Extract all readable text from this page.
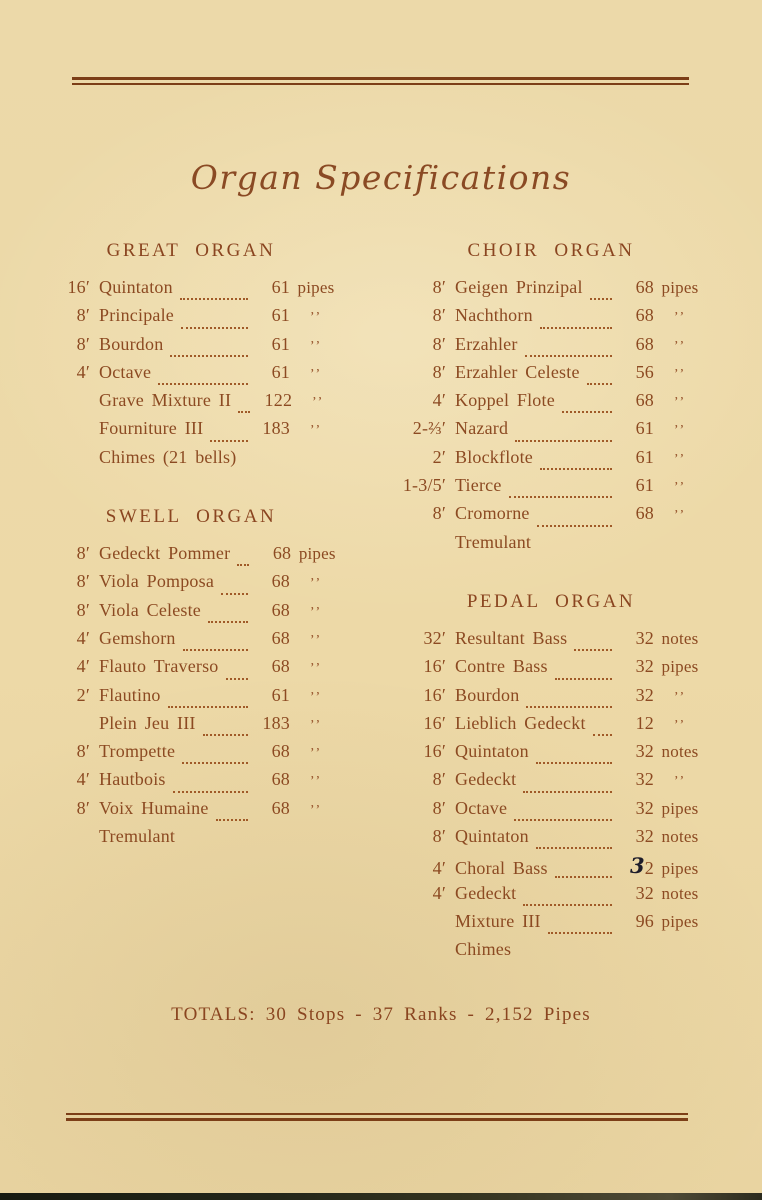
Organ Specifications
GREAT ORGAN
16′ Quintaton	61 pipes
8′ Principale	61	’’
8′ Bourdon	61	’’
4′ Octave	61	’’
Grave Mixture II	122	’’
Fourniture III	183	’’
Chimes (21 bells)
SWELL ORGAN
8′ Gedeckt Pommer	68 pipes
8′ Viola Pomposa	68	’’
8′ Viola Celeste	68	’’
4′ Gemshorn	68	’’
4′ Flauto Traverso	68	’’
2′ Flautino	61	’’
Plein Jeu III	183	’’
8′ Trompette	68	’’
4′ Hautbois	68	’’
8′ Voix Humaine	68	’’
Tremulant
CHOIR ORGAN
8′ Geigen Prinzipal	68 pipes
8′ Nachthorn	68	’’
8′ Erzahler	68	’’
8′ Erzahler Celeste	56	’’
4′ Koppel Flote	68	’’
2-⅔′ Nazard	61	’’
2′ Blockflote	61	’’
1-3/5′ Tierce	61	’’
8′ Cromorne	68	’’
Tremulant
PEDAL ORGAN
32′ Resultant Bass	32 notes
16′ Contre Bass	32 pipes
16′ Bourdon	32	’’
16′ Lieblich Gedeckt	12	’’
16′ Quintaton	32 notes
8′ Gedeckt	32	’’
8′ Octave	32 pipes
8′ Quintaton	32 notes
4′ Choral Bass	32 pipes
4′ Gedeckt	32 notes
Mixture III	96 pipes
Chimes
TOTALS: 30 Stops - 37 Ranks - 2,152 Pipes
